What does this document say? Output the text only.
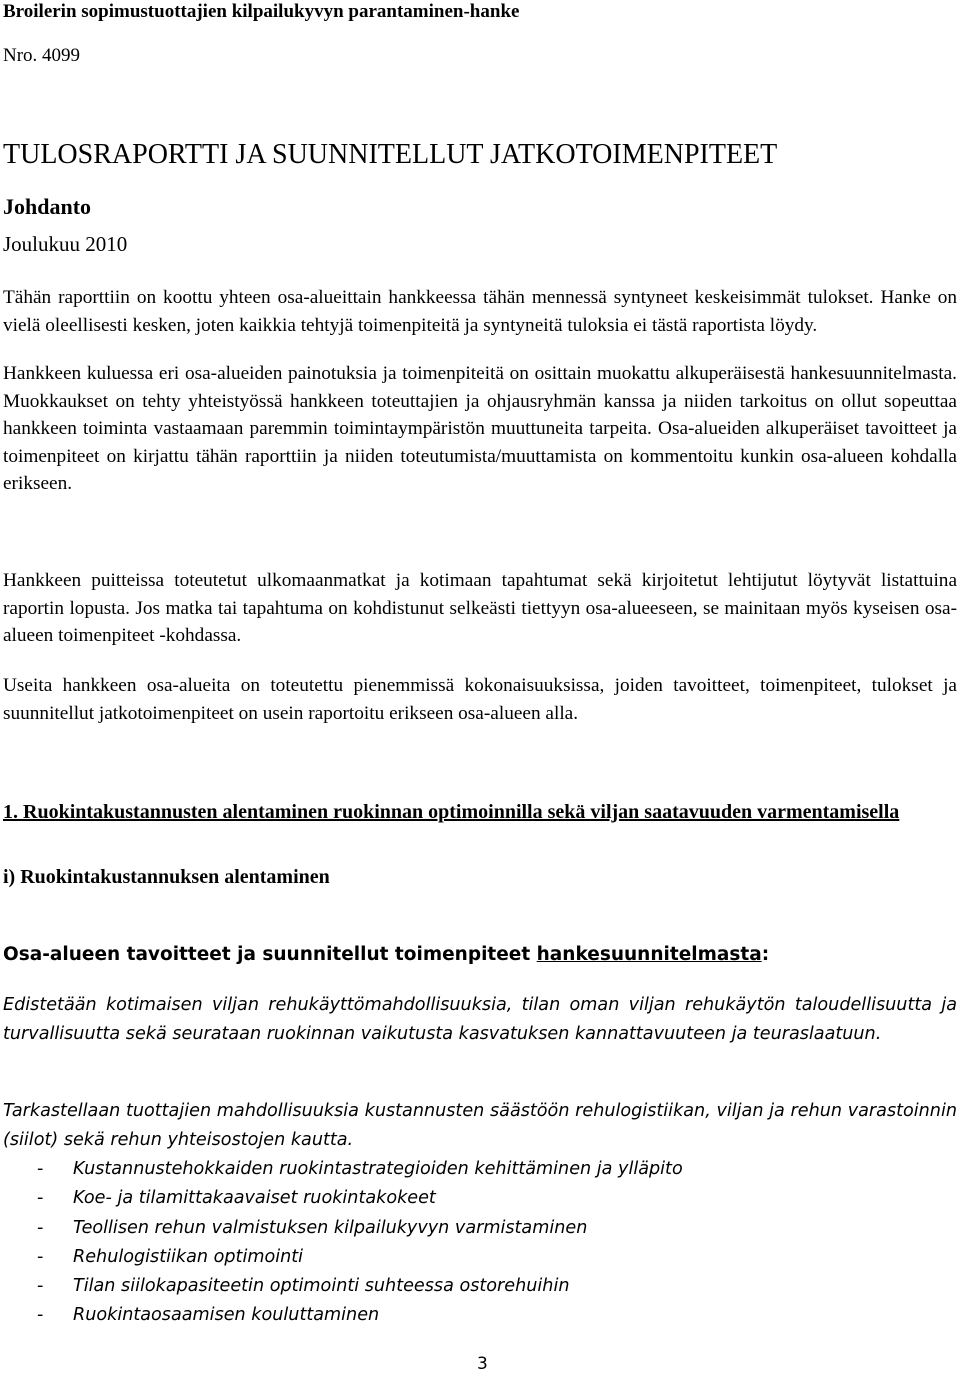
Broilerin sopimustuottajien kilpailukyvyn parantaminen-hanke
Nro. 4099
TULOSRAPORTTI JA SUUNNITELLUT JATKOTOIMENPITEET
Johdanto
Joulukuu 2010

Tähän raporttiin on koottu yhteen osa-alueittain hankkeessa tähän mennessä syntyneet keskeisimmät tulokset. Hanke on vielä oleellisesti kesken, joten kaikkia tehtyjä toimenpiteitä ja syntyneitä tuloksia ei tästä raportista löydy.

Hankkeen kuluessa eri osa-alueiden painotuksia ja toimenpiteitä on osittain muokattu alkuperäisestä hankesuunnitelmasta. Muokkaukset on tehty yhteistyössä hankkeen toteuttajien ja ohjausryhmän kanssa ja niiden tarkoitus on ollut sopeuttaa hankkeen toiminta vastaamaan paremmin toimintaympäristön muuttuneita tarpeita. Osa-alueiden alkuperäiset tavoitteet ja toimenpiteet on kirjattu tähän raporttiin ja niiden toteutumista/muuttamista on kommentoitu kunkin osa-alueen kohdalla erikseen.

Hankkeen puitteissa toteutetut ulkomaanmatkat ja kotimaan tapahtumat sekä kirjoitetut lehtijutut löytyvät listattuina raportin lopusta. Jos matka tai tapahtuma on kohdistunut selkeästi tiettyyn osa-alueeseen, se mainitaan myös kyseisen osa-alueen toimenpiteet -kohdassa.

Useita hankkeen osa-alueita on toteutettu pienemmissä kokonaisuuksissa, joiden tavoitteet, toimenpiteet, tulokset ja suunnitellut jatkotoimenpiteet on usein raportoitu erikseen osa-alueen alla.

1. Ruokintakustannusten alentaminen ruokinnan optimoinnilla sekä viljan saatavuuden varmentamisella
i) Ruokintakustannuksen alentaminen
Osa-alueen tavoitteet ja suunnitellut toimenpiteet hankesuunnitelmasta:

Edistetään kotimaisen viljan rehukäyttömahdollisuuksia, tilan oman viljan rehukäytön taloudellisuutta ja turvallisuutta sekä seurataan ruokinnan vaikutusta kasvatuksen kannattavuuteen ja teuraslaatuun.

Tarkastellaan tuottajien mahdollisuuksia kustannusten säästöön rehulogistiikan, viljan ja rehun varastoinnin (siilot) sekä rehun yhteisostojen kautta.

- Kustannustehokkaiden ruokintastrategioiden kehittäminen ja ylläpito
- Koe- ja tilamittakaavaiset ruokintakokeet
- Teollisen rehun valmistuksen kilpailukyvyn varmistaminen
- Rehulogistiikan optimointi
- Tilan siilokapasiteetin optimointi suhteessa ostorehuihin
- Ruokintaosaamisen kouluttaminen
3
